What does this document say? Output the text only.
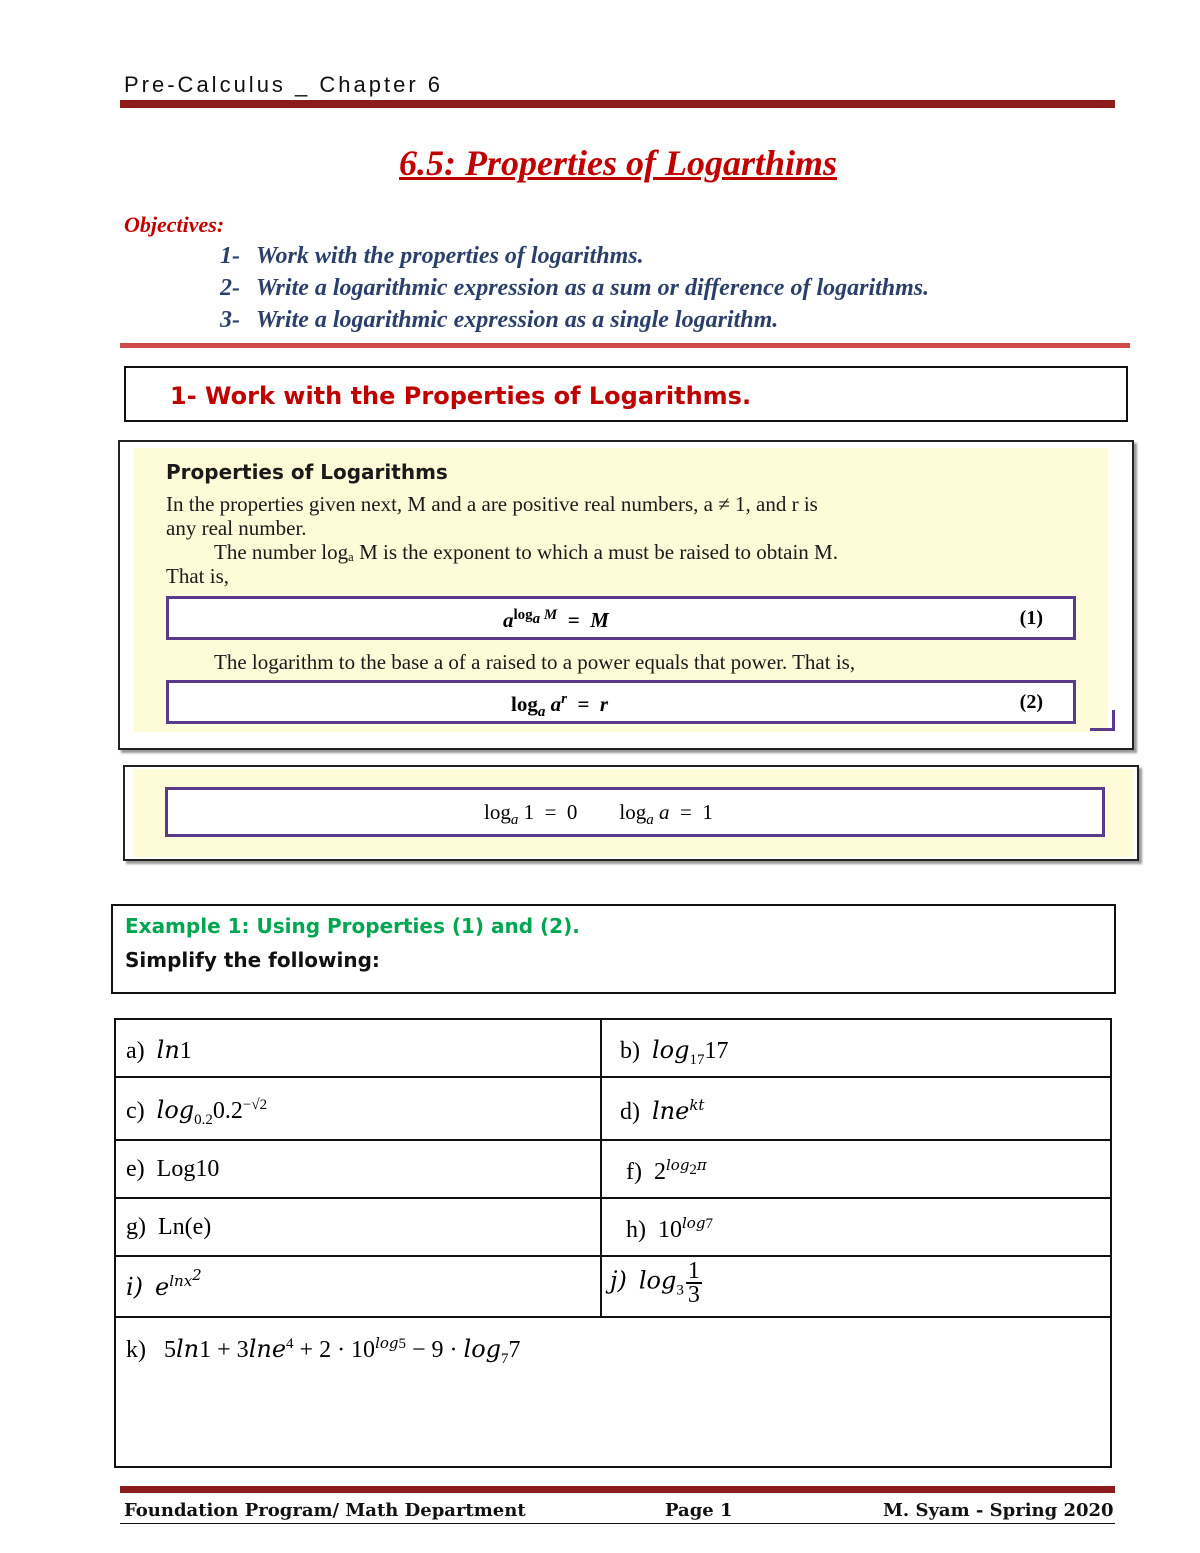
Pre-Calculus _ Chapter 6
6.5: Properties of Logarthims
Objectives:
1- Work with the properties of logarithms.
2- Write a logarithmic expression as a sum or difference of logarithms.
3- Write a logarithmic expression as a single logarithm.
1- Work with the Properties of Logarithms.
Properties of Logarithms
In the properties given next, M and a are positive real numbers, a ≠ 1, and r is
any real number.
The number logₐ M is the exponent to which a must be raised to obtain M.
That is,
$a^{log_a M} = M$	(1)
The logarithm to the base a of a raised to a power equals that power. That is,
$\log_a a^r = r$	(2)
$\log_a 1 = 0$        $\log_a a = 1$
Example 1: Using Properties (1) and (2).
Simplify the following:
a) ln1	b) $\log_{17}17$
c) $\log_{0.2}0.2^{-√2}$	d) lne$^{kt}$
e) Log10	f)  $2^{log_2\pi}$
g) Ln(e)	h)  $10^{log7}$
i) $e^{lnx^2}$	j) $\log_3 \frac{1}{3}$
k)   $5\ln 1 + 3\ln e^4 + 2 \cdot 10^{log5} - 9 \cdot \log_77$
Foundation Program/ Math Department	Page 1	M. Syam - Spring 2020
